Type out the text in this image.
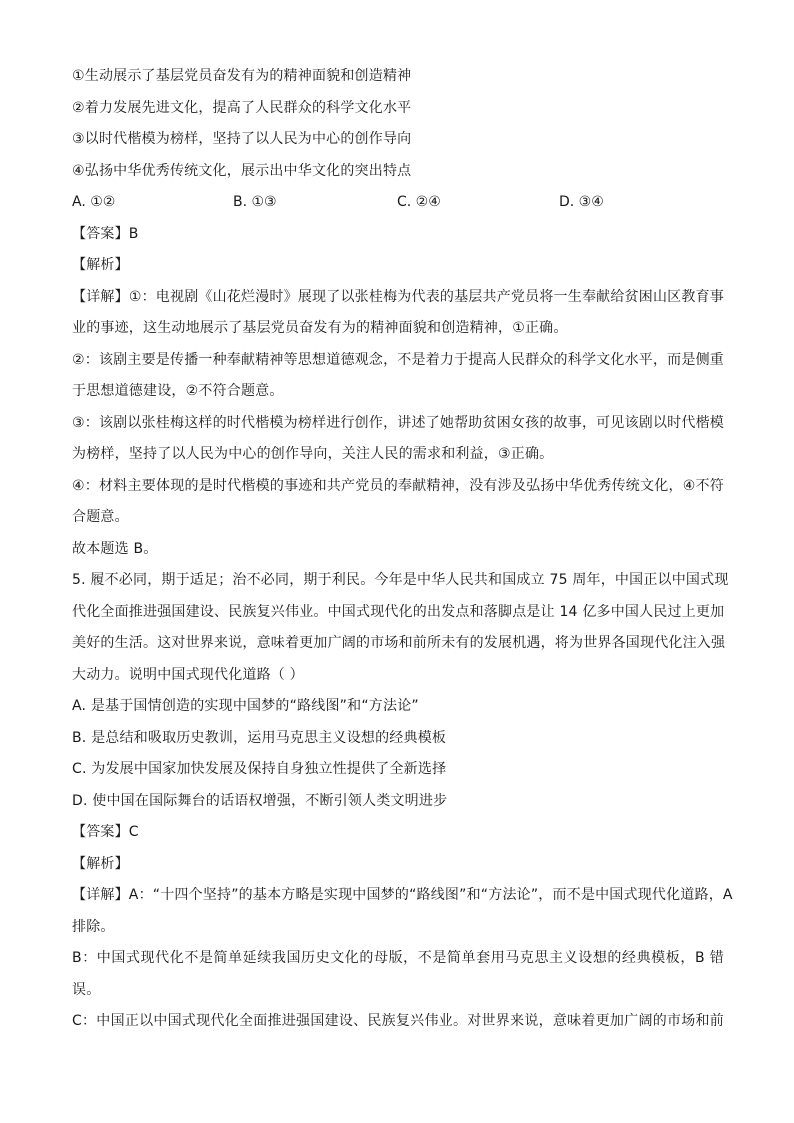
①生动展示了基层党员奋发有为的精神面貌和创造精神
②着力发展先进文化，提高了人民群众的科学文化水平
③以时代楷模为榜样，坚持了以人民为中心的创作导向
④弘扬中华优秀传统文化，展示出中华文化的突出特点
A. ①②	B. ①③	C. ②④	D. ③④
【答案】B
【解析】
【详解】①：电视剧《山花烂漫时》展现了以张桂梅为代表的基层共产党员将一生奉献给贫困山区教育事
业的事迹，这生动地展示了基层党员奋发有为的精神面貌和创造精神，①正确。
②：该剧主要是传播一种奉献精神等思想道德观念，不是着力于提高人民群众的科学文化水平，而是侧重
于思想道德建设，②不符合题意。
③：该剧以张桂梅这样的时代楷模为榜样进行创作，讲述了她帮助贫困女孩的故事，可见该剧以时代楷模
为榜样，坚持了以人民为中心的创作导向，关注人民的需求和利益，③正确。
④：材料主要体现的是时代楷模的事迹和共产党员的奉献精神，没有涉及弘扬中华优秀传统文化，④不符
合题意。
故本题选 B。
5. 履不必同，期于适足；治不必同，期于利民。今年是中华人民共和国成立 75 周年，中国正以中国式现
代化全面推进强国建设、民族复兴伟业。中国式现代化的出发点和落脚点是让 14 亿多中国人民过上更加
美好的生活。这对世界来说，意味着更加广阔的市场和前所未有的发展机遇，将为世界各国现代化注入强
大动力。说明中国式现代化道路（ ）
A. 是基于国情创造的实现中国梦的“路线图”和“方法论”
B. 是总结和吸取历史教训，运用马克思主义设想的经典模板
C. 为发展中国家加快发展及保持自身独立性提供了全新选择
D. 使中国在国际舞台的话语权增强，不断引领人类文明进步
【答案】C
【解析】
【详解】A：“十四个坚持”的基本方略是实现中国梦的“路线图”和“方法论”，而不是中国式现代化道路，A
排除。
B：中国式现代化不是简单延续我国历史文化的母版，不是简单套用马克思主义设想的经典模板，B 错
误。
C：中国正以中国式现代化全面推进强国建设、民族复兴伟业。对世界来说，意味着更加广阔的市场和前
